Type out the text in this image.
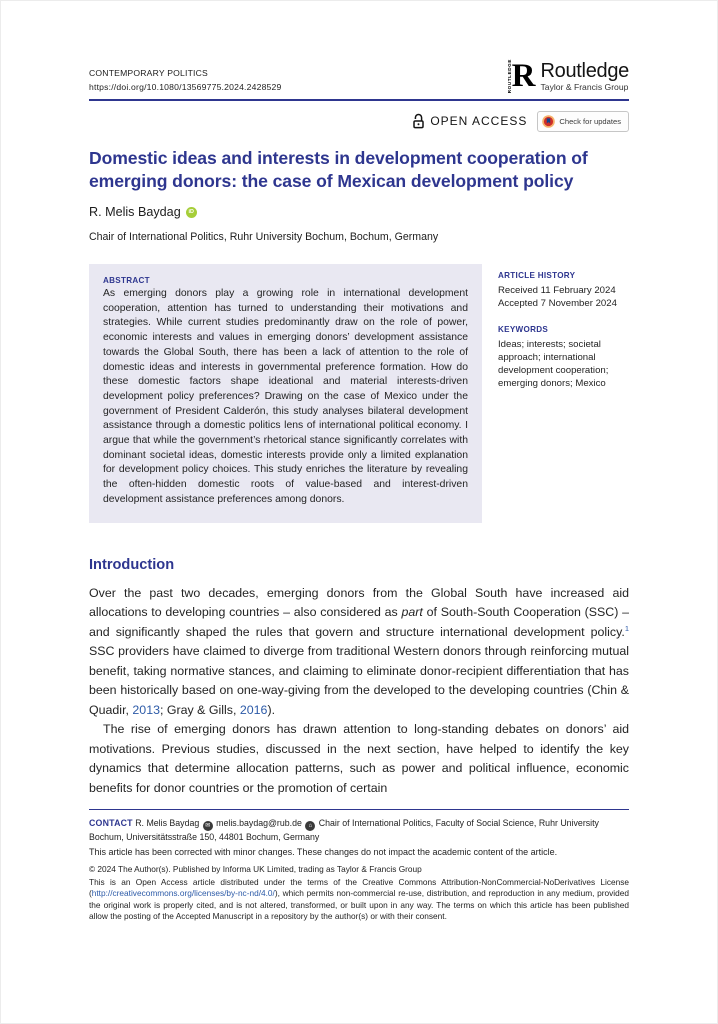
CONTEMPORARY POLITICS
https://doi.org/10.1080/13569775.2024.2428529	ROUTLEDGE R Routledge
Taylor & Francis Group
OPEN ACCESS	Check for updates
Domestic ideas and interests in development cooperation of emerging donors: the case of Mexican development policy
R. Melis Baydag	iD
Chair of International Politics, Ruhr University Bochum, Bochum, Germany
ABSTRACT
As emerging donors play a growing role in international development cooperation, attention has turned to understanding their motivations and strategies. While current studies predominantly draw on the role of power, economic interests and values in emerging donors’ development assistance towards the Global South, there has been a lack of attention to the role of domestic ideas and interests in governmental preference formation. How do these domestic factors shape ideational and material interests-driven development policy preferences? Drawing on the case of Mexico under the government of President Calderón, this study analyses bilateral development assistance through a domestic politics lens of international political economy. I argue that while the government’s rhetorical stance significantly correlates with dominant societal ideas, domestic interests provide only a limited explanation for development policy choices. This study enriches the literature by revealing the often-hidden domestic roots of value-based and interest-driven development assistance preferences among donors.
ARTICLE HISTORY
Received 11 February 2024
Accepted 7 November 2024
KEYWORDS
Ideas; interests; societal approach; international development cooperation; emerging donors; Mexico
Introduction

Over the past two decades, emerging donors from the Global South have increased aid allocations to developing countries – also considered as part of South-South Cooperation (SSC) – and significantly shaped the rules that govern and structure international development policy.$^1$ SSC providers have claimed to diverge from traditional Western donors through reinforcing mutual benefit, taking normative stances, and claiming to eliminate donor-recipient differentiation that has been historically based on one-way-giving from the developed to the developing countries (Chin & Quadir, 2013; Gray & Gills, 2016).

The rise of emerging donors has drawn attention to long-standing debates on donors’ aid motivations. Previous studies, discussed in the next section, have helped to identify the key dynamics that determine allocation patterns, such as power and political influence, economic benefits for donor countries or the promotion of certain

CONTACT R. Melis Baydag ✉ melis.baydag@rub.de ⌂ Chair of International Politics, Faculty of Social Science, Ruhr University Bochum, Universitätsstraße 150, 44801 Bochum, Germany
This article has been corrected with minor changes. These changes do not impact the academic content of the article.
© 2024 The Author(s). Published by Informa UK Limited, trading as Taylor & Francis Group

This is an Open Access article distributed under the terms of the Creative Commons Attribution-NonCommercial-NoDerivatives License (http://creativecommons.org/licenses/by-nc-nd/4.0/), which permits non-commercial re-use, distribution, and reproduction in any medium, provided the original work is properly cited, and is not altered, transformed, or built upon in any way. The terms on which this article has been published allow the posting of the Accepted Manuscript in a repository by the author(s) or with their consent.
